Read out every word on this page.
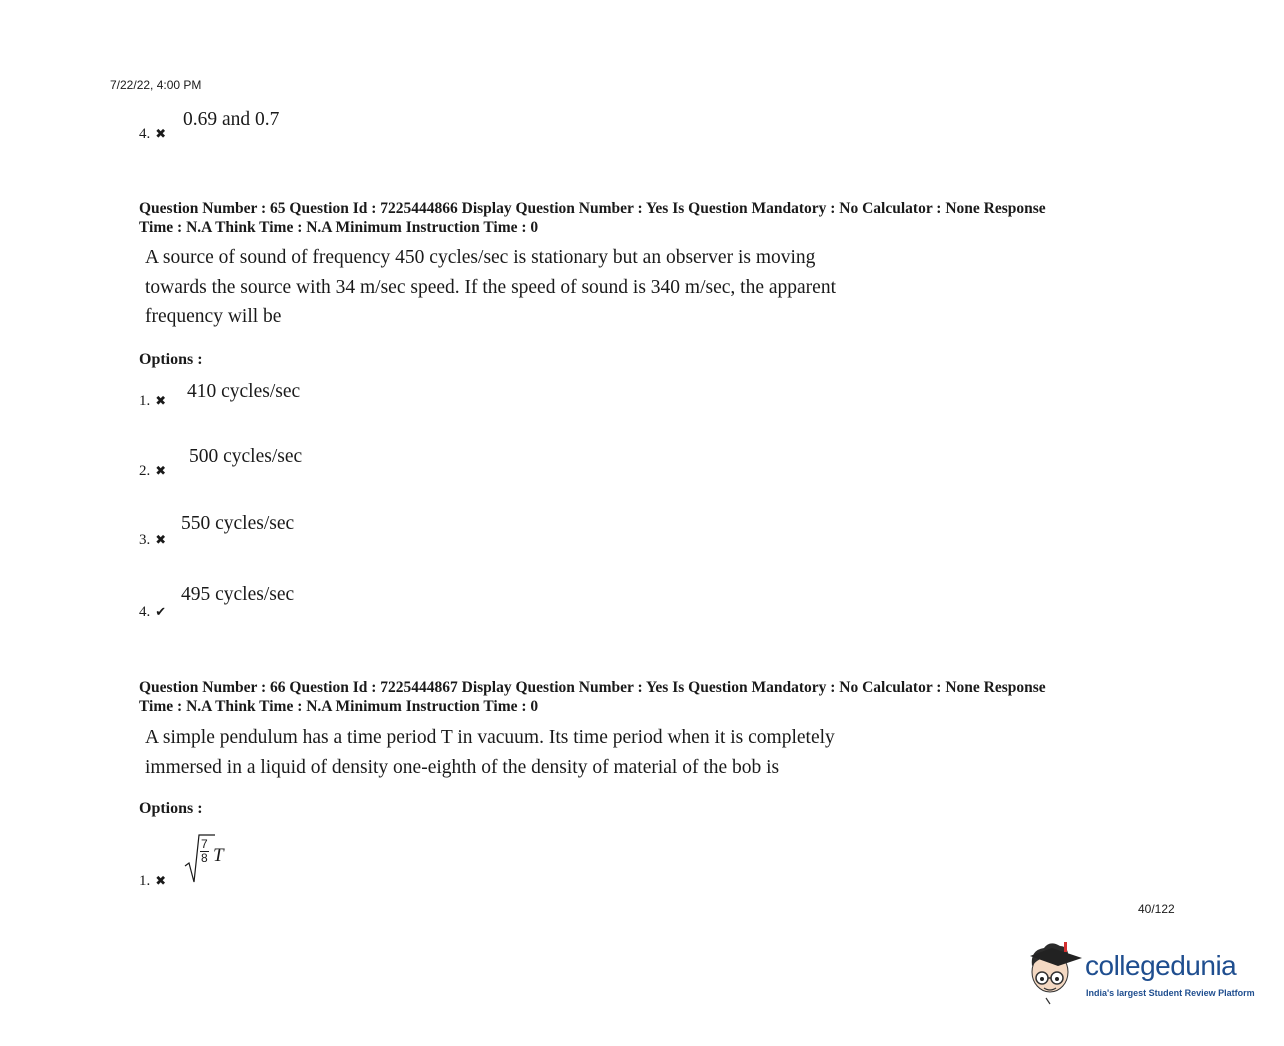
7/22/22, 4:00 PM
4. ✖
0.69 and 0.7
Question Number : 65 Question Id : 7225444866 Display Question Number : Yes Is Question Mandatory : No Calculator : None Response
Time : N.A Think Time : N.A Minimum Instruction Time : 0
A source of sound of frequency 450 cycles/sec is stationary but an observer is moving
towards the source with 34 m/sec speed. If the speed of sound is 340 m/sec, the apparent
frequency will be
Options :
1. ✖ 410 cycles/sec
2. ✖
500 cycles/sec
3. ✖
550 cycles/sec
4. ✔
495 cycles/sec
Question Number : 66 Question Id : 7225444867 Display Question Number : Yes Is Question Mandatory : No Calculator : None Response
Time : N.A Think Time : N.A Minimum Instruction Time : 0
A simple pendulum has a time period T in vacuum. Its time period when it is completely
immersed in a liquid of density one-eighth of the density of material of the bob is
Options :
1. ✖
$\frac{7}{8}$ T
40/122
collegedunia
India's largest Student Review Platform
